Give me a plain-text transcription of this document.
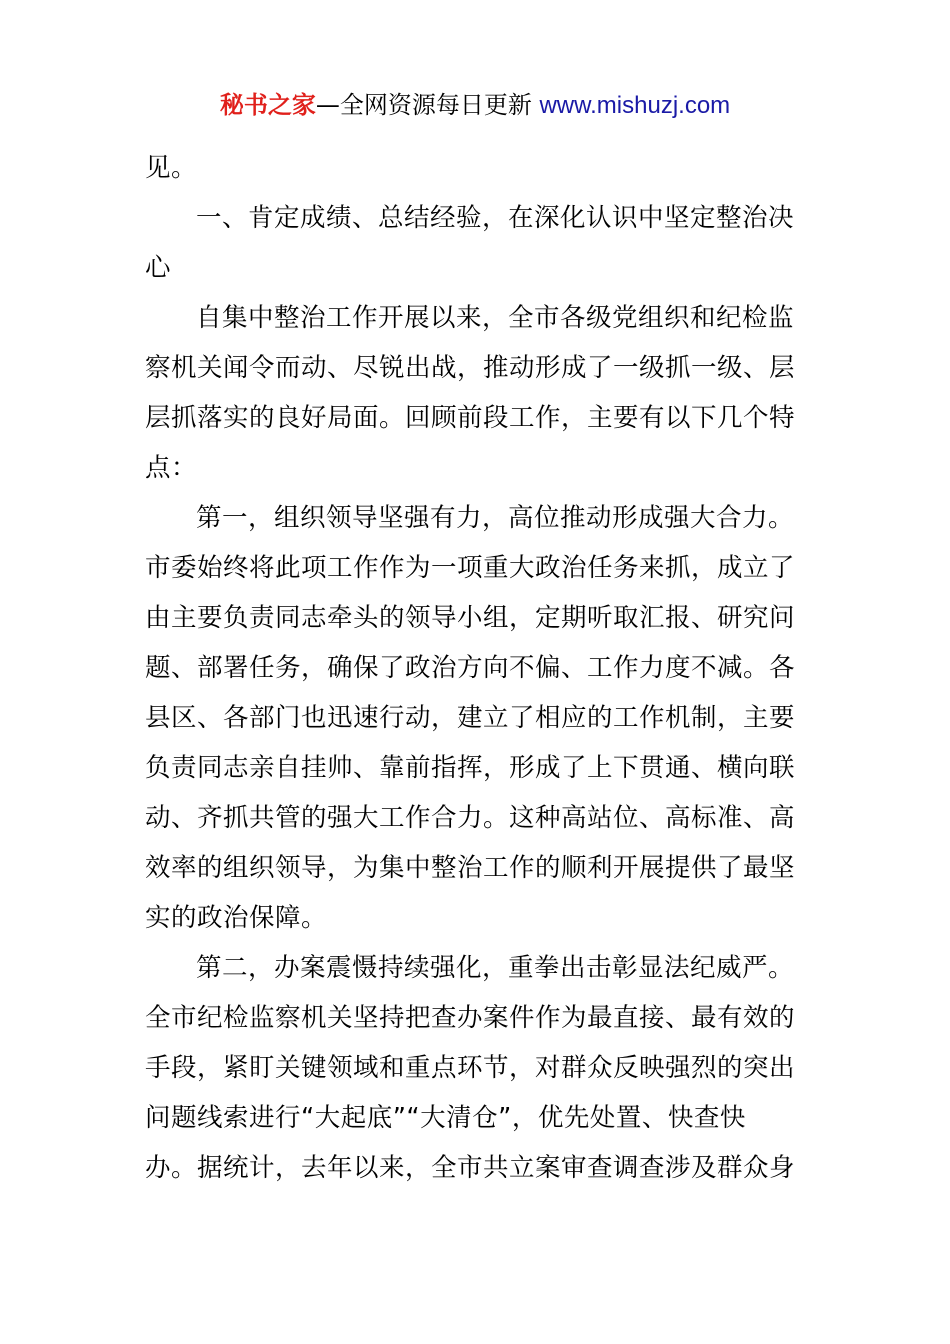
秘书之家—全网资源每日更新 www.mishuzj.com
见。
一、肯定成绩、总结经验，在深化认识中坚定整治决
心
自集中整治工作开展以来，全市各级党组织和纪检监
察机关闻令而动、尽锐出战，推动形成了一级抓一级、层
层抓落实的良好局面。回顾前段工作，主要有以下几个特
点：
第一，组织领导坚强有力，高位推动形成强大合力。
市委始终将此项工作作为一项重大政治任务来抓，成立了
由主要负责同志牵头的领导小组，定期听取汇报、研究问
题、部署任务，确保了政治方向不偏、工作力度不减。各
县区、各部门也迅速行动，建立了相应的工作机制，主要
负责同志亲自挂帅、靠前指挥，形成了上下贯通、横向联
动、齐抓共管的强大工作合力。这种高站位、高标准、高
效率的组织领导，为集中整治工作的顺利开展提供了最坚
实的政治保障。
第二，办案震慑持续强化，重拳出击彰显法纪威严。
全市纪检监察机关坚持把查办案件作为最直接、最有效的
手段，紧盯关键领域和重点环节，对群众反映强烈的突出
问题线索进行“大起底”“大清仓”，优先处置、快查快
办。据统计，去年以来，全市共立案审查调查涉及群众身
